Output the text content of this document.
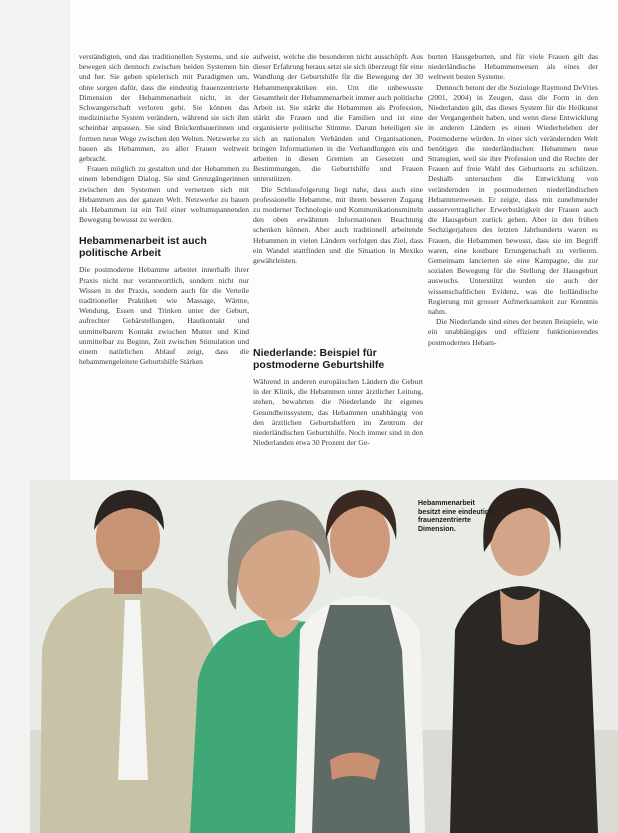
verständigten, und das traditionellen Systems, und sie bewegen sich dennoch zwischen beiden Systemen hin und her. Sie geben spielerisch mit Paradigmen um, ohne sorgen dafür, dass die eindeutig frauenzentrierte Dimension der Hebammenarbeit nicht, in der Schwangerschaft verloren geht. Sie können das medizinische System verändern, während sie sich ihm scheinbar anpassen. Sie sind Brückenbauerinnen und formen neue Wege zwischen den Welten. Netzwerke zu bauen als Hebammen, zu aller Frauen weltweit gebracht.

Frauen möglich zu gestalten und der Hebammen zu einem lebendigen Dialog. Sie sind Grenzgängerinnen zwischen den Systemen und vernetzen sich mit Hebammen aus der ganzen Welt. Netzwerke zu bauen als Hebammen ist ein Teil einer weltumspannenden Bewegung bewusst zu werden.

Hebammenarbeit ist auch politische Arbeit

Die postmoderne Hebamme arbeitet innerhalb ihrer Praxis nicht nur verantwortlich, sondern nicht nur Wissen in der Praxis, sondern auch für die Verteile traditioneller Praktiken wie Massage, Wärme, Wendung, Essen und Trinken unter der Geburt, aufrechter Gebärstellungen, Hautkontakt und unmittelbarem Kontakt zwischen Mutter und Kind unmittelbar zu Beginn, Zeit zwischen Stimulation und einem natürlichen Ablauf zeigt, dass die hebammengeleitete Geburtshilfe Stärken

aufweist, welche die besonderen nicht ausschöpft. Aus dieser Erfahrung heraus setzt sie sich überzeugt für eine Wandlung der Geburtshilfe für die Bewegung der 30 Hebammenpraktiken ein. Um die unbewusste Gesamtheit der Hebammenarbeit immer auch politische Arbeit ist. Sie stärkt die Hebammen als Profession, stärkt die Frauen und die Familien und ist eine organisierte politische Stimme. Darum beteiligen sie sich an nationalen Verbänden und Organisationen, bringen Informationen in die Verhandlungen ein und arbeiten in diesen Gremien an Gesetzen und Bestimmungen, die Geburtshilfe und Frauen unterstützen.

Die Schlussfolgerung liegt nahe, dass auch eine professionelle Hebamme, mit ihrem besseren Zugang zu moderner Technologie und Kommunikationsmitteln den oben erwähnten Informationen Beachtung schenken können. Aber auch traditionell arbeitende Hebammen in vielen Ländern verfolgen das Ziel, dass ein Wandel stattfinden und die Situation in Mexiko gewährleisten.

Niederlande: Beispiel für postmoderne Geburtshilfe

Während in anderen europäischen Ländern die Geburt in der Klinik, die Hebammen unter ärztlicher Leitung, stehen, bewahrten die Niederlande ihr eigenes Gesundheitssystem, das Hebammen unabhängig von den ärztlichen Geburtshelfern im Zentrum der niederländischen Geburtshilfe. Noch immer sind in den Niederlanden etwa 30 Prozent der Ge-

burten Hausgeburten, und für viele Frauen gilt das niederländische Hebammenwesen als eines der weltweit besten Systeme.

Dennoch betont der die Soziologe Raymond DeVries (2001, 2004) in Zeugen, dass die Form in den Niederlanden gilt, das dieses System für die Heilkunst der Vergangenheit haben, und wenn diese Entwicklung in anderen Ländern es einen Wiederbeleben der Postmoderne würden. In einer sich verändernden Welt benötigen die niederländischen Hebammen neue Strategien, weil sie ihre Profession und die Rechte der Frauen auf freie Wahl des Geburtsorts zu schützen. Deshalb untersuchen die Entwicklung von verändernden in postmodernen niederländischen Hebammenwesen. Er zeigte, dass mit zunehmender ausservertraglicher Erwerbstätigkeit der Frauen auch die Hausgeburt zurück gehen. Aber in den frühen Sechzigerjahren des letzten Jahrhunderts waren es Frauen, die Hebammen bewusst, dass sie im Begriff waren, eine kostbare Errungenschaft zu verlieren. Gemeinsam lancierten sie eine Kampagne, die zur sozialen Bewegung für die Stellung der Hausgeburt auswuchs. Unterstützt wurden sie auch der wissenschaftlichen Evidenz, was die holländische Regierung mit grosser Aufmerksamkeit zur Kenntnis nahm.

Die Niederlande sind eines der besten Beispiele, wie ein unabhängiges und effizient funktionierendes postmodernes Hebam-

Hebammenarbeit besitzt eine eindeutige, frauenzentrierte Dimension.
